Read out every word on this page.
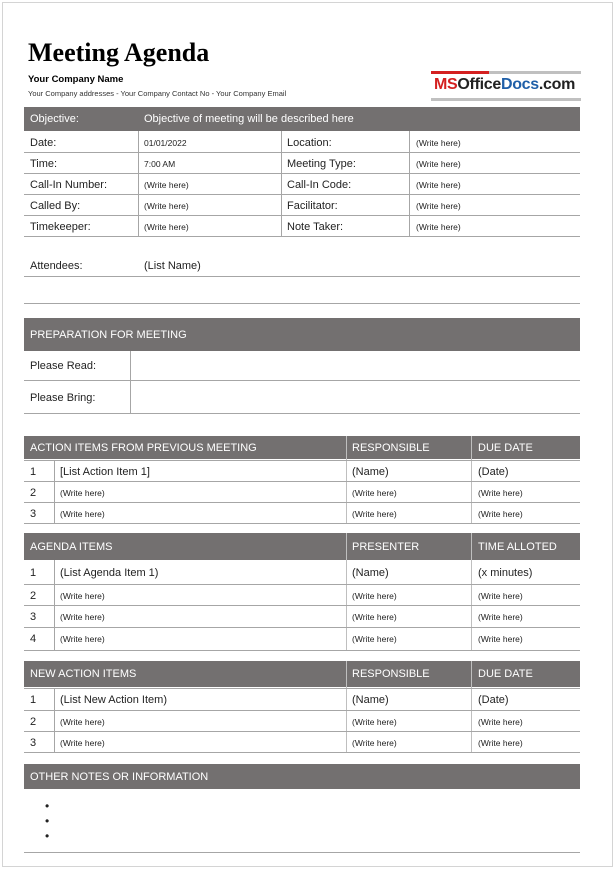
Meeting Agenda
Your Company Name
Your Company addresses - Your Company Contact No - Your Company Email
MSOfficeDocs.com
Objective:	Objective of meeting will be described here
Date:	01/01/2022	Location:	(Write here)
Time:	7:00 AM	Meeting Type:	(Write here)
Call-In Number:	(Write here)	Call-In Code:	(Write here)
Called By:	(Write here)	Facilitator:	(Write here)
Timekeeper:	(Write here)	Note Taker:	(Write here)
Attendees:	(List Name)
PREPARATION FOR MEETING
Please Read:
Please Bring:
ACTION ITEMS FROM PREVIOUS MEETING	RESPONSIBLE	DUE DATE
1 [List Action Item 1]	(Name)	(Date)
2	(Write here)	(Write here)	(Write here)
3	(Write here)	(Write here)	(Write here)
AGENDA ITEMS	PRESENTER	TIME ALLOTED
1 (List Agenda Item 1)	(Name)	(x minutes)
2	(Write here)	(Write here)	(Write here)
3	(Write here)	(Write here)	(Write here)
4	(Write here)	(Write here)	(Write here)
NEW ACTION ITEMS	RESPONSIBLE	DUE DATE
1 (List New Action Item)	(Name)	(Date)
2	(Write here)	(Write here)	(Write here)
3	(Write here)	(Write here)	(Write here)
OTHER NOTES OR INFORMATION
•
•
•
